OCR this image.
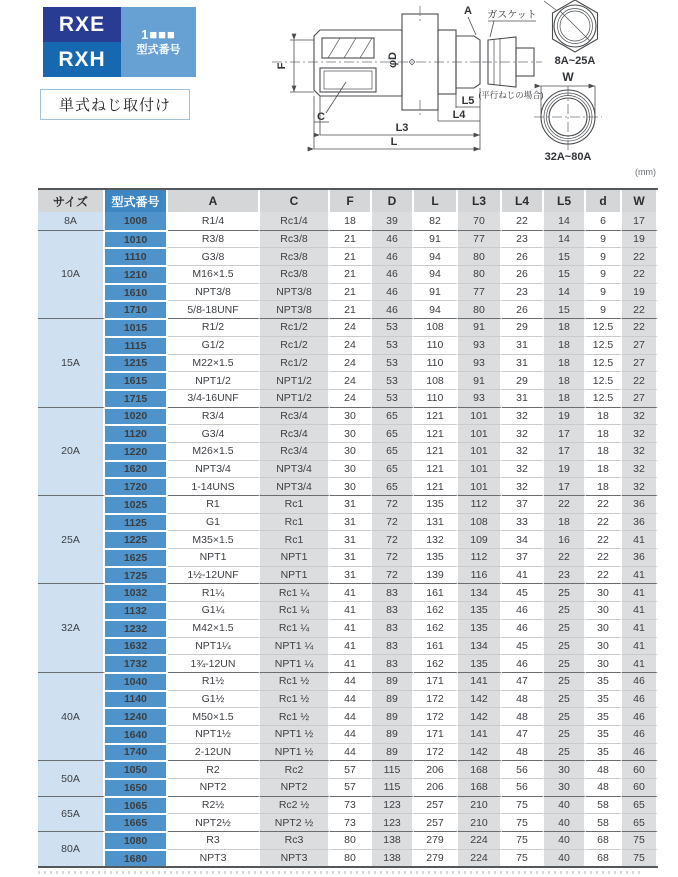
RXE
RXH
1■■■
型式番号
単式ねじ取付け
F
A
C
φD
L5
L4
L3
L
ガスケット
(平行ねじの場合)
8A~25A
W
32A~80A
(mm)
サイズ	型式番号	A	C	F	D	L	L3	L4	L5	d	W
8A	1008	R1/4	Rc1/4	18	39	82	70	22	14	6	17
10A	1010	R3/8	Rc3/8	21	46	91	77	23	14	9	19
	1110	G3/8	Rc3/8	21	46	94	80	26	15	9	22
	1210	M16×1.5	Rc3/8	21	46	94	80	26	15	9	22
	1610	NPT3/8	NPT3/8	21	46	91	77	23	14	9	19
	1710	5/8-18UNF	NPT3/8	21	46	94	80	26	15	9	22
15A	1015	R1/2	Rc1/2	24	53	108	91	29	18	12.5	22
	1115	G1/2	Rc1/2	24	53	110	93	31	18	12.5	27
	1215	M22×1.5	Rc1/2	24	53	110	93	31	18	12.5	27
	1615	NPT1/2	NPT1/2	24	53	108	91	29	18	12.5	22
	1715	3/4-16UNF	NPT1/2	24	53	110	93	31	18	12.5	27
20A	1020	R3/4	Rc3/4	30	65	121	101	32	19	18	32
	1120	G3/4	Rc3/4	30	65	121	101	32	17	18	32
	1220	M26×1.5	Rc3/4	30	65	121	101	32	17	18	32
	1620	NPT3/4	NPT3/4	30	65	121	101	32	19	18	32
	1720	1-14UNS	NPT3/4	30	65	121	101	32	17	18	32
25A	1025	R1	Rc1	31	72	135	112	37	22	22	36
	1125	G1	Rc1	31	72	131	108	33	18	22	36
	1225	M35×1.5	Rc1	31	72	132	109	34	16	22	41
	1625	NPT1	NPT1	31	72	135	112	37	22	22	36
	1725	1½-12UNF	NPT1	31	72	139	116	41	23	22	41
32A	1032	R1¼	Rc1 ¼	41	83	161	134	45	25	30	41
	1132	G1¼	Rc1 ¼	41	83	162	135	46	25	30	41
	1232	M42×1.5	Rc1 ¼	41	83	162	135	46	25	30	41
	1632	NPT1¼	NPT1 ¼	41	83	161	134	45	25	30	41
	1732	1¾-12UN	NPT1 ¼	41	83	162	135	46	25	30	41
40A	1040	R1½	Rc1 ½	44	89	171	141	47	25	35	46
	1140	G1½	Rc1 ½	44	89	172	142	48	25	35	46
	1240	M50×1.5	Rc1 ½	44	89	172	142	48	25	35	46
	1640	NPT1½	NPT1 ½	44	89	171	141	47	25	35	46
	1740	2-12UN	NPT1 ½	44	89	172	142	48	25	35	46
50A	1050	R2	Rc2	57	115	206	168	56	30	48	60
	1650	NPT2	NPT2	57	115	206	168	56	30	48	60
65A	1065	R2½	Rc2 ½	73	123	257	210	75	40	58	65
	1665	NPT2½	NPT2 ½	73	123	257	210	75	40	58	65
80A	1080	R3	Rc3	80	138	279	224	75	40	68	75
	1680	NPT3	NPT3	80	138	279	224	75	40	68	75
